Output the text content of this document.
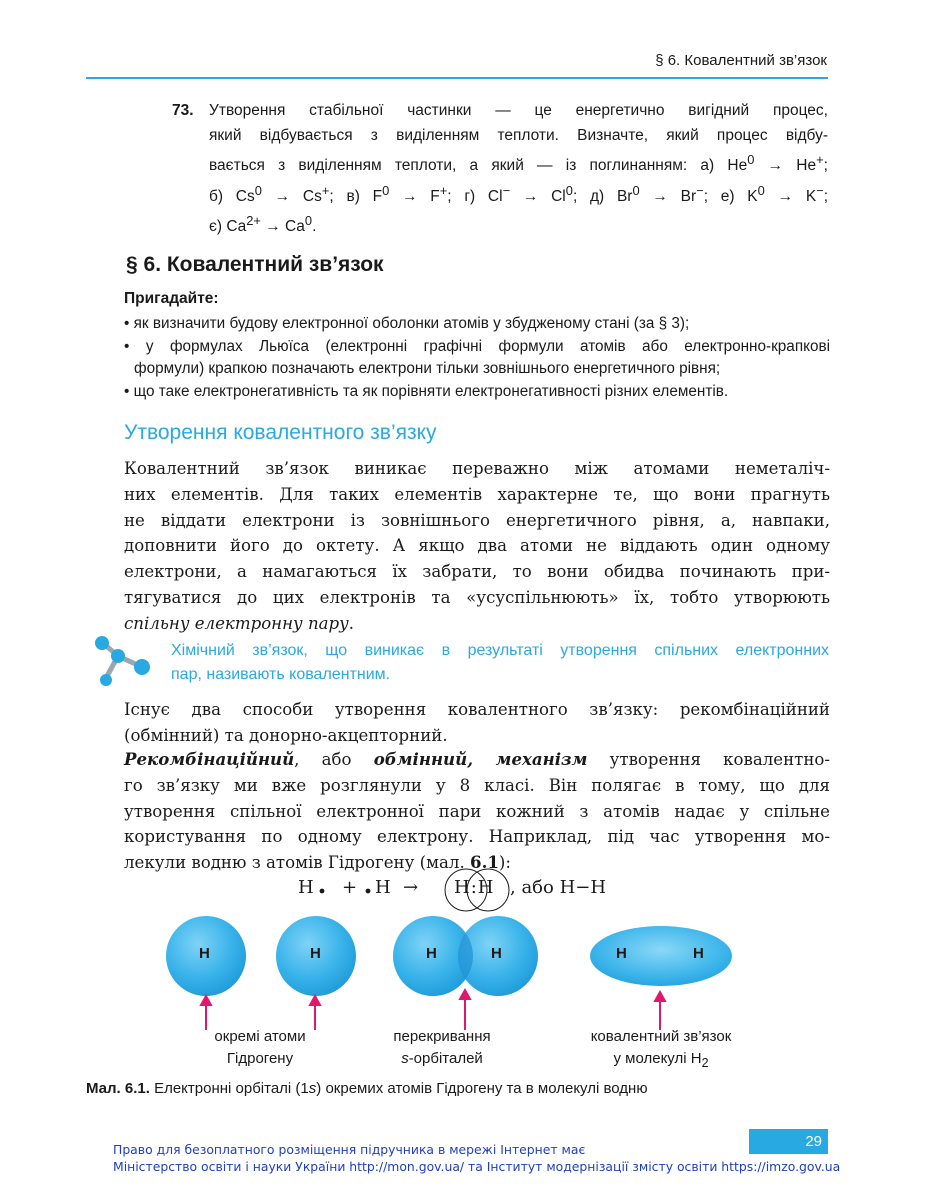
§ 6. Ковалентний зв’язок
73. Утворення стабільної частинки — це енергетично вигідний процес,
який відбувається з виділенням теплоти. Визначте, який процес відбу-
вається з виділенням теплоти, а який — із поглинанням: а) $He^0 \to He^+$;
б) $Cs^0 \to Cs^+$; в) $F^0 \to F^+$; г) $Cl^- \to Cl^0$; д) $Br^0 \to Br^-$; е) $K^0 \to K^-$;
є) $Ca^{2+} \to Ca^0$.
§ 6. Ковалентний зв’язок
Пригадайте:
• як визначити будову електронної оболонки атомів у збудженому стані (за § 3);
• у формулах Льюїса (електронні графічні формули атомів або електронно-крапкові
формули) крапкою позначають електрони тільки зовнішнього енергетичного рівня;
• що таке електронегативність та як порівняти електронегативності різних елементів.
Утворення ковалентного зв’язку
Ковалентний зв’язок виникає переважно між атомами неметаліч-
них елементів. Для таких елементів характерне те, що вони прагнуть
не віддати електрони із зовнішнього енергетичного рівня, а, навпаки,
доповнити його до октету. А якщо два атоми не віддають один одному
електрони, а намагаються їх забрати, то вони обидва починають при-
тягуватися до цих електронів та «усуспільнюють» їх, тобто утворюють
спільну електронну пару.
Хімічний зв’язок, що виникає в результаті утворення спільних електронних
пар, називають ковалентним.
Існує два способи утворення ковалентного зв’язку: рекомбінаційний
(обмінний) та донорно-акцепторний.
Рекомбінаційний, або обмінний, механізм утворення ковалентно-
го зв’язку ми вже розглянули у 8 класі. Він полягає в тому, що для
утворення спільної електронної пари кожний з атомів надає у спільне
користування по одному електрону. Наприклад, під час утворення мо-
лекули водню з атомів Гідрогену (мал. 6.1):
H + H → H:H , або H−H
H	H	H	H	H	H
окремі атоми
Гідрогену
перекривання
s-орбіталей
ковалентний зв’язок
у молекулі $H_2$
Мал. 6.1. Електронні орбіталі (1s) окремих атомів Гідрогену та в молекулі водню
29
Право для безоплатного розміщення підручника в мережі Інтернет має
Міністерство освіти і науки України http://mon.gov.ua/ та Інститут модернізації змісту освіти https://imzo.gov.ua
